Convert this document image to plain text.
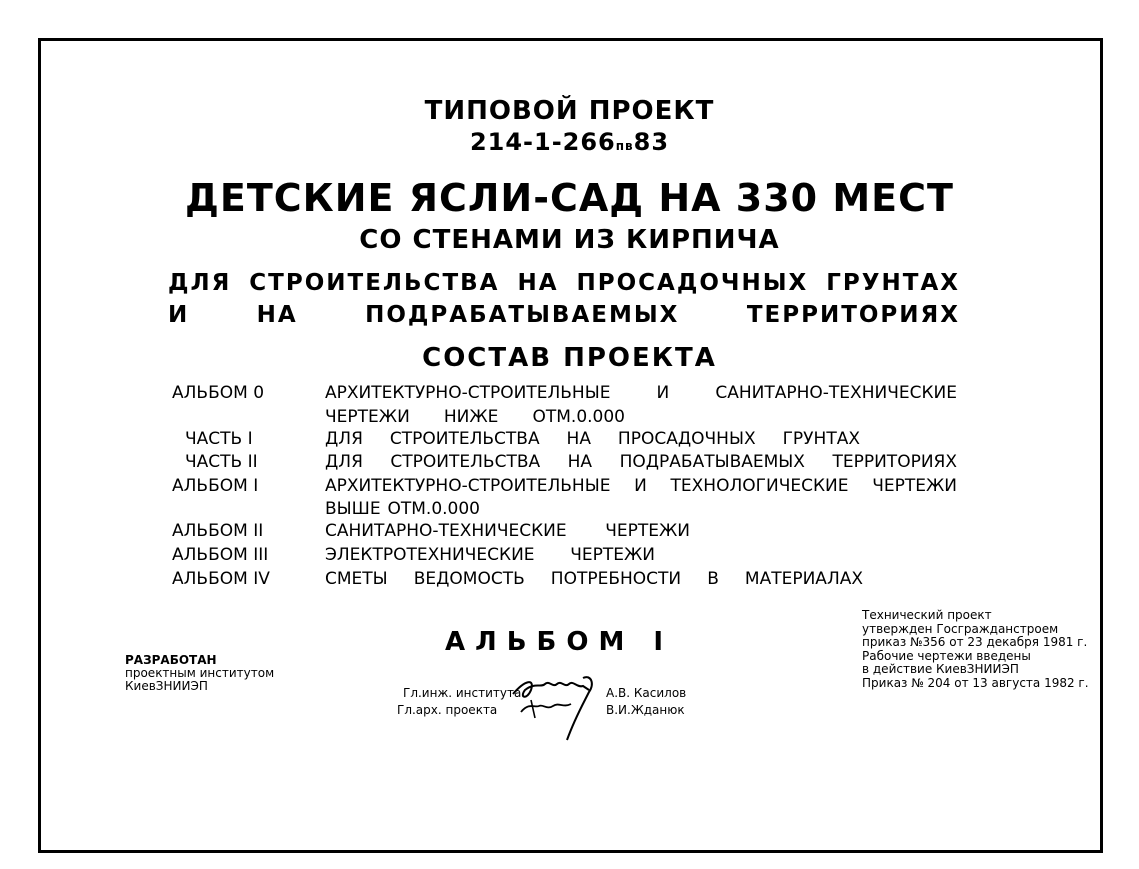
ТИПОВОЙ ПРОЕКТ
214-1-266пв83
ДЕТСКИЕ ЯСЛИ-САД НА 330 МЕСТ
СО СТЕНАМИ ИЗ КИРПИЧА
ДЛЯ СТРОИТЕЛЬСТВА НА ПРОСАДОЧНЫХ ГРУНТАХ
И	НА	ПОДРАБАТЫВАЕМЫХ	ТЕРРИТОРИЯХ
СОСТАВ ПРОЕКТА
АЛЬБОМ 0	АРХИТЕКТУРНО-СТРОИТЕЛЬНЫЕ И САНИТАРНО-ТЕХНИЧЕСКИЕ
ЧЕРТЕЖИ НИЖЕ ОТМ.0.000
ЧАСТЬ I	ДЛЯ СТРОИТЕЛЬСТВА НА ПРОСАДОЧНЫХ ГРУНТАХ
ЧАСТЬ II	ДЛЯ СТРОИТЕЛЬСТВА НА ПОДРАБАТЫВАЕМЫХ ТЕРРИТОРИЯХ
АЛЬБОМ I	АРХИТЕКТУРНО-СТРОИТЕЛЬНЫЕ И ТЕХНОЛОГИЧЕСКИЕ ЧЕРТЕЖИ
ВЫШЕ ОТМ.0.000
АЛЬБОМ II	САНИТАРНО-ТЕХНИЧЕСКИЕ ЧЕРТЕЖИ
АЛЬБОМ III	ЭЛЕКТРОТЕХНИЧЕСКИЕ ЧЕРТЕЖИ
АЛЬБОМ IV	СМЕТЫ ВЕДОМОСТЬ ПОТРЕБНОСТИ В МАТЕРИАЛАХ
АЛЬБОМ I
РАЗРАБОТАН
проектным институтом
КиевЗНИИЭП
Технический проект
утвержден Госгражданстроем
приказ №356 от 23 декабря 1981 г.
Рабочие чертежи введены
в действие КиевЗНИИЭП
Приказ № 204 от 13 августа 1982 г.
Гл.инж. института	А.В. Касилов
Гл.арх. проекта	В.И.Жданюк
